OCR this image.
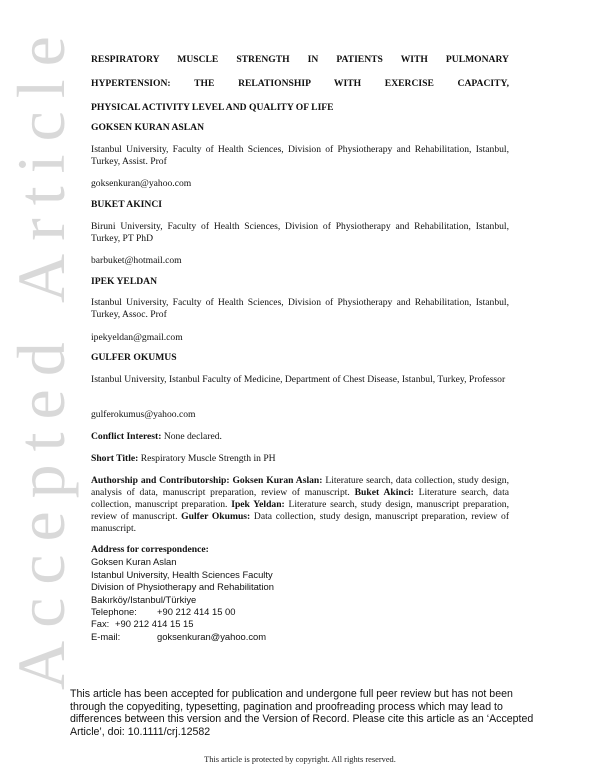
Accepted Article RESPIRATORY MUSCLE STRENGTH IN PATIENTS WITH PULMONARY
HYPERTENSION: THE RELATIONSHIP WITH EXERCISE CAPACITY,
PHYSICAL ACTIVITY LEVEL AND QUALITY OF LIFE
GOKSEN KURAN ASLAN
Istanbul University, Faculty of Health Sciences, Division of Physiotherapy and Rehabilitation, Istanbul, Turkey, Assist. Prof
goksenkuran@yahoo.com
BUKET AKINCI
Biruni University, Faculty of Health Sciences, Division of Physiotherapy and Rehabilitation, Istanbul, Turkey, PT PhD
barbuket@hotmail.com
IPEK YELDAN
Istanbul University, Faculty of Health Sciences, Division of Physiotherapy and Rehabilitation, Istanbul, Turkey, Assoc. Prof
ipekyeldan@gmail.com
GULFER OKUMUS
Istanbul University, Istanbul Faculty of Medicine, Department of Chest Disease, Istanbul, Turkey, Professor
gulferokumus@yahoo.com
Conflict Interest: None declared.
Short Title: Respiratory Muscle Strength in PH
Authorship and Contributorship: Goksen Kuran Aslan: Literature search, data collection, study design, analysis of data, manuscript preparation, review of manuscript. Buket Akinci: Literature search, data collection, manuscript preparation. Ipek Yeldan: Literature search, study design, manuscript preparation, review of manuscript. Gulfer Okumus: Data collection, study design, manuscript preparation, review of manuscript.
Address for correspondence:
Goksen Kuran Aslan
Istanbul University, Health Sciences Faculty
Division of Physiotherapy and Rehabilitation
Bakırköy/Istanbul/Türkiye
Telephone:	+90 212 414 15 00
Fax: +90 212 414 15 15
E-mail:	goksenkuran@yahoo.com
This article has been accepted for publication and undergone full peer review but has not been through the copyediting, typesetting, pagination and proofreading process which may lead to differences between this version and the Version of Record. Please cite this article as an ‘Accepted Article’, doi: 10.1111/crj.12582
This article is protected by copyright. All rights reserved.
